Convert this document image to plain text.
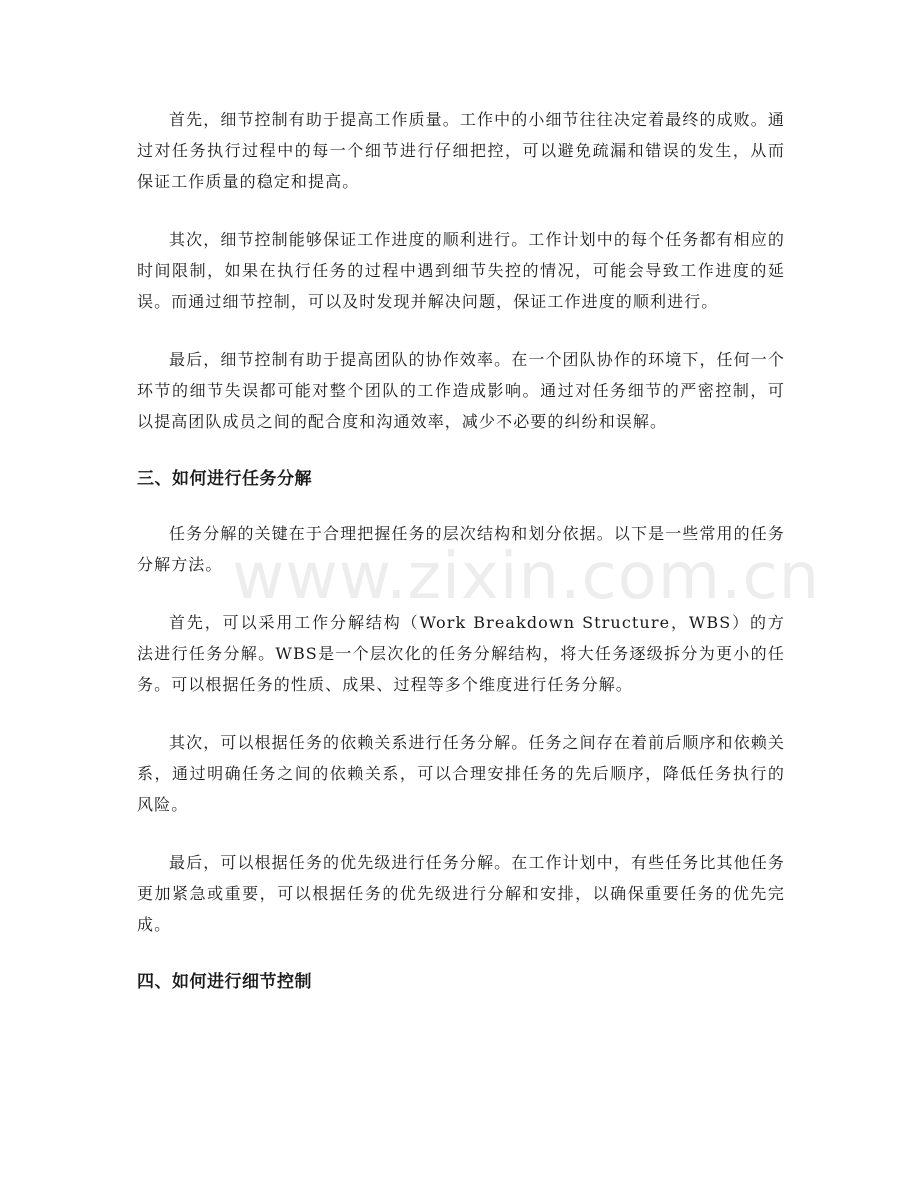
首先，细节控制有助于提高工作质量。工作中的小细节往往决定着最终的成败。通过对任务执行过程中的每一个细节进行仔细把控，可以避免疏漏和错误的发生，从而保证工作质量的稳定和提高。

其次，细节控制能够保证工作进度的顺利进行。工作计划中的每个任务都有相应的时间限制，如果在执行任务的过程中遇到细节失控的情况，可能会导致工作进度的延误。而通过细节控制，可以及时发现并解决问题，保证工作进度的顺利进行。

最后，细节控制有助于提高团队的协作效率。在一个团队协作的环境下，任何一个环节的细节失误都可能对整个团队的工作造成影响。通过对任务细节的严密控制，可以提高团队成员之间的配合度和沟通效率，减少不必要的纠纷和误解。

三、如何进行任务分解

任务分解的关键在于合理把握任务的层次结构和划分依据。以下是一些常用的任务分解方法。

首先，可以采用工作分解结构（Work Breakdown Structure，WBS）的方法进行任务分解。WBS是一个层次化的任务分解结构，将大任务逐级拆分为更小的任务。可以根据任务的性质、成果、过程等多个维度进行任务分解。

其次，可以根据任务的依赖关系进行任务分解。任务之间存在着前后顺序和依赖关系，通过明确任务之间的依赖关系，可以合理安排任务的先后顺序，降低任务执行的风险。

最后，可以根据任务的优先级进行任务分解。在工作计划中，有些任务比其他任务更加紧急或重要，可以根据任务的优先级进行分解和安排，以确保重要任务的优先完成。

四、如何进行细节控制
www.zixin.com.cn
